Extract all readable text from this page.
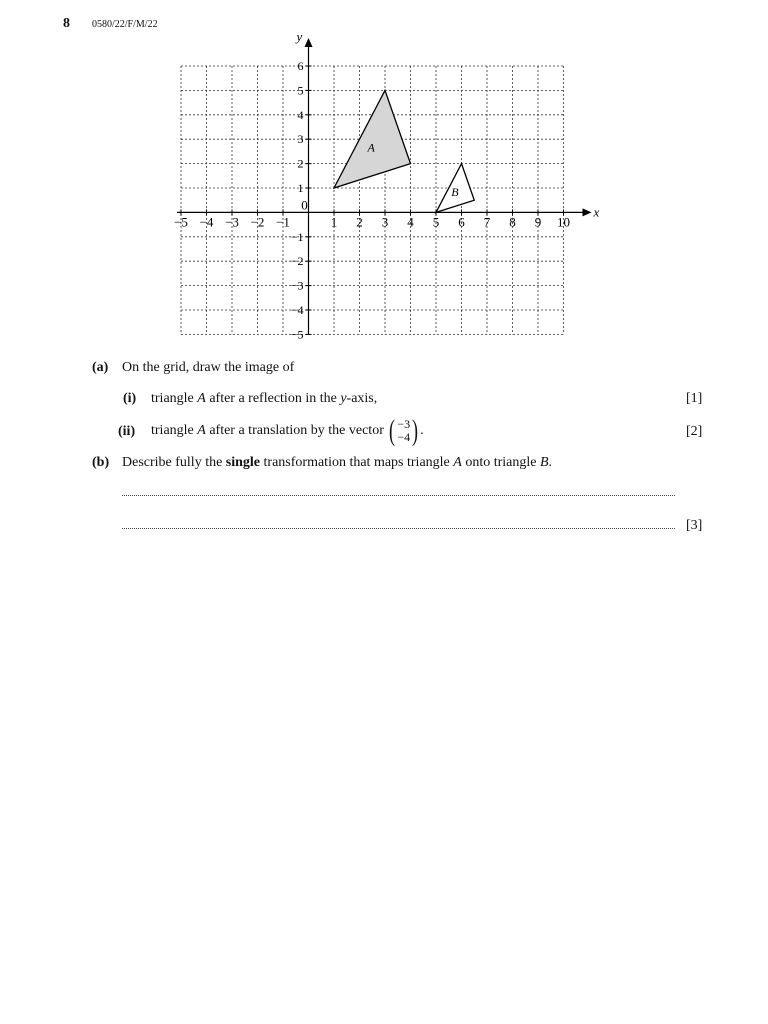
8 0580/22/F/M/22
A
B
−5 −4 −3 −2 −1
0
1 2 3 4 5 6 7 8 9 10
1
2
3
4
5
6
−1
−2
−3
−4
−5
x
y
(a) On the grid, draw the image of
(i) triangle A after a reflection in the y-axis,	[1]
(ii) triangle A after a translation by the vector ( −3
−4 ) .	[2]
(b) Describe fully the single transformation that maps triangle A onto triangle B.
[3]
